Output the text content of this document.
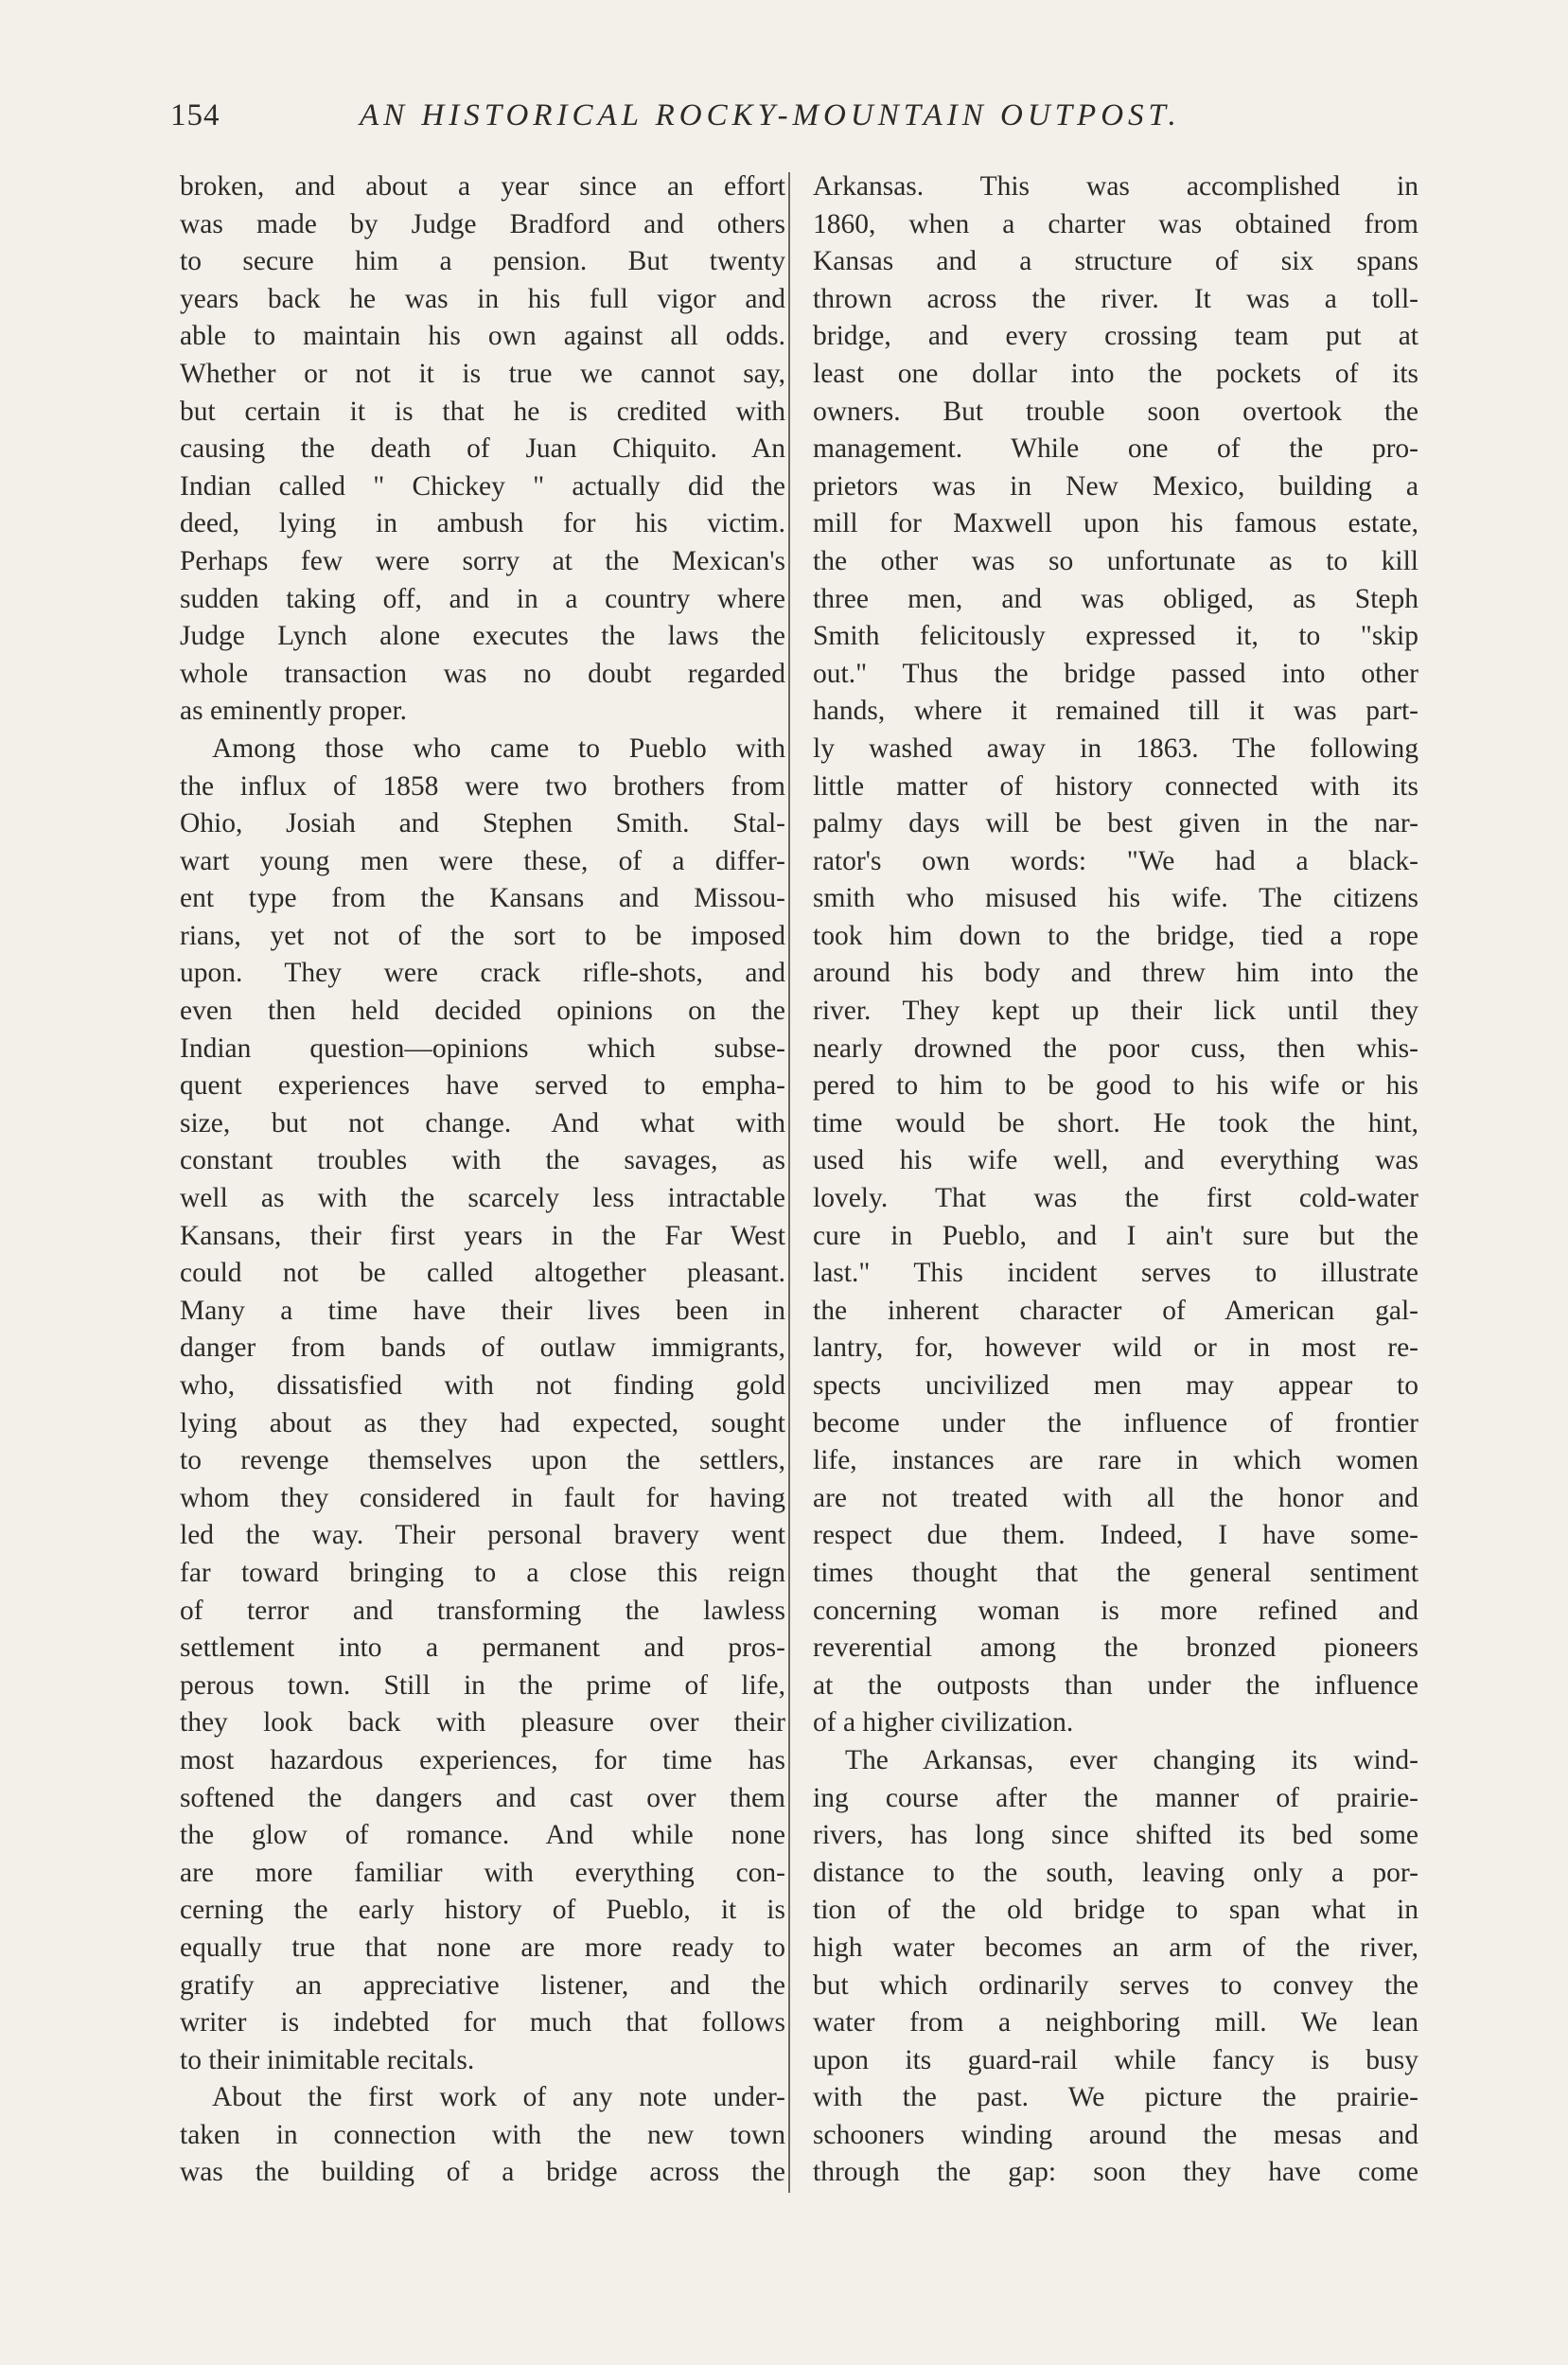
154	AN HISTORICAL ROCKY-MOUNTAIN OUTPOST.
broken, and about a year since an effort
was made by Judge Bradford and others
to secure him a pension. But twenty
years back he was in his full vigor and
able to maintain his own against all odds.
Whether or not it is true we cannot say,
but certain it is that he is credited with
causing the death of Juan Chiquito. An
Indian called " Chickey " actually did the
deed, lying in ambush for his victim.
Perhaps few were sorry at the Mexican's
sudden taking off, and in a country where
Judge Lynch alone executes the laws the
whole transaction was no doubt regarded
as eminently proper.
Among those who came to Pueblo with
the influx of 1858 were two brothers from
Ohio, Josiah and Stephen Smith. Stal-
wart young men were these, of a differ-
ent type from the Kansans and Missou-
rians, yet not of the sort to be imposed
upon. They were crack rifle-shots, and
even then held decided opinions on the
Indian question—opinions which subse-
quent experiences have served to empha-
size, but not change. And what with
constant troubles with the savages, as
well as with the scarcely less intractable
Kansans, their first years in the Far West
could not be called altogether pleasant.
Many a time have their lives been in
danger from bands of outlaw immigrants,
who, dissatisfied with not finding gold
lying about as they had expected, sought
to revenge themselves upon the settlers,
whom they considered in fault for having
led the way. Their personal bravery went
far toward bringing to a close this reign
of terror and transforming the lawless
settlement into a permanent and pros-
perous town. Still in the prime of life,
they look back with pleasure over their
most hazardous experiences, for time has
softened the dangers and cast over them
the glow of romance. And while none
are more familiar with everything con-
cerning the early history of Pueblo, it is
equally true that none are more ready to
gratify an appreciative listener, and the
writer is indebted for much that follows
to their inimitable recitals.
About the first work of any note under-
taken in connection with the new town
was the building of a bridge across the
Arkansas. This was accomplished in
1860, when a charter was obtained from
Kansas and a structure of six spans
thrown across the river. It was a toll-
bridge, and every crossing team put at
least one dollar into the pockets of its
owners. But trouble soon overtook the
management. While one of the pro-
prietors was in New Mexico, building a
mill for Maxwell upon his famous estate,
the other was so unfortunate as to kill
three men, and was obliged, as Steph
Smith felicitously expressed it, to "skip
out." Thus the bridge passed into other
hands, where it remained till it was part-
ly washed away in 1863. The following
little matter of history connected with its
palmy days will be best given in the nar-
rator's own words: "We had a black-
smith who misused his wife. The citizens
took him down to the bridge, tied a rope
around his body and threw him into the
river. They kept up their lick until they
nearly drowned the poor cuss, then whis-
pered to him to be good to his wife or his
time would be short. He took the hint,
used his wife well, and everything was
lovely. That was the first cold-water
cure in Pueblo, and I ain't sure but the
last." This incident serves to illustrate
the inherent character of American gal-
lantry, for, however wild or in most re-
spects uncivilized men may appear to
become under the influence of frontier
life, instances are rare in which women
are not treated with all the honor and
respect due them. Indeed, I have some-
times thought that the general sentiment
concerning woman is more refined and
reverential among the bronzed pioneers
at the outposts than under the influence
of a higher civilization.
The Arkansas, ever changing its wind-
ing course after the manner of prairie-
rivers, has long since shifted its bed some
distance to the south, leaving only a por-
tion of the old bridge to span what in
high water becomes an arm of the river,
but which ordinarily serves to convey the
water from a neighboring mill. We lean
upon its guard-rail while fancy is busy
with the past. We picture the prairie-
schooners winding around the mesas and
through the gap: soon they have come
